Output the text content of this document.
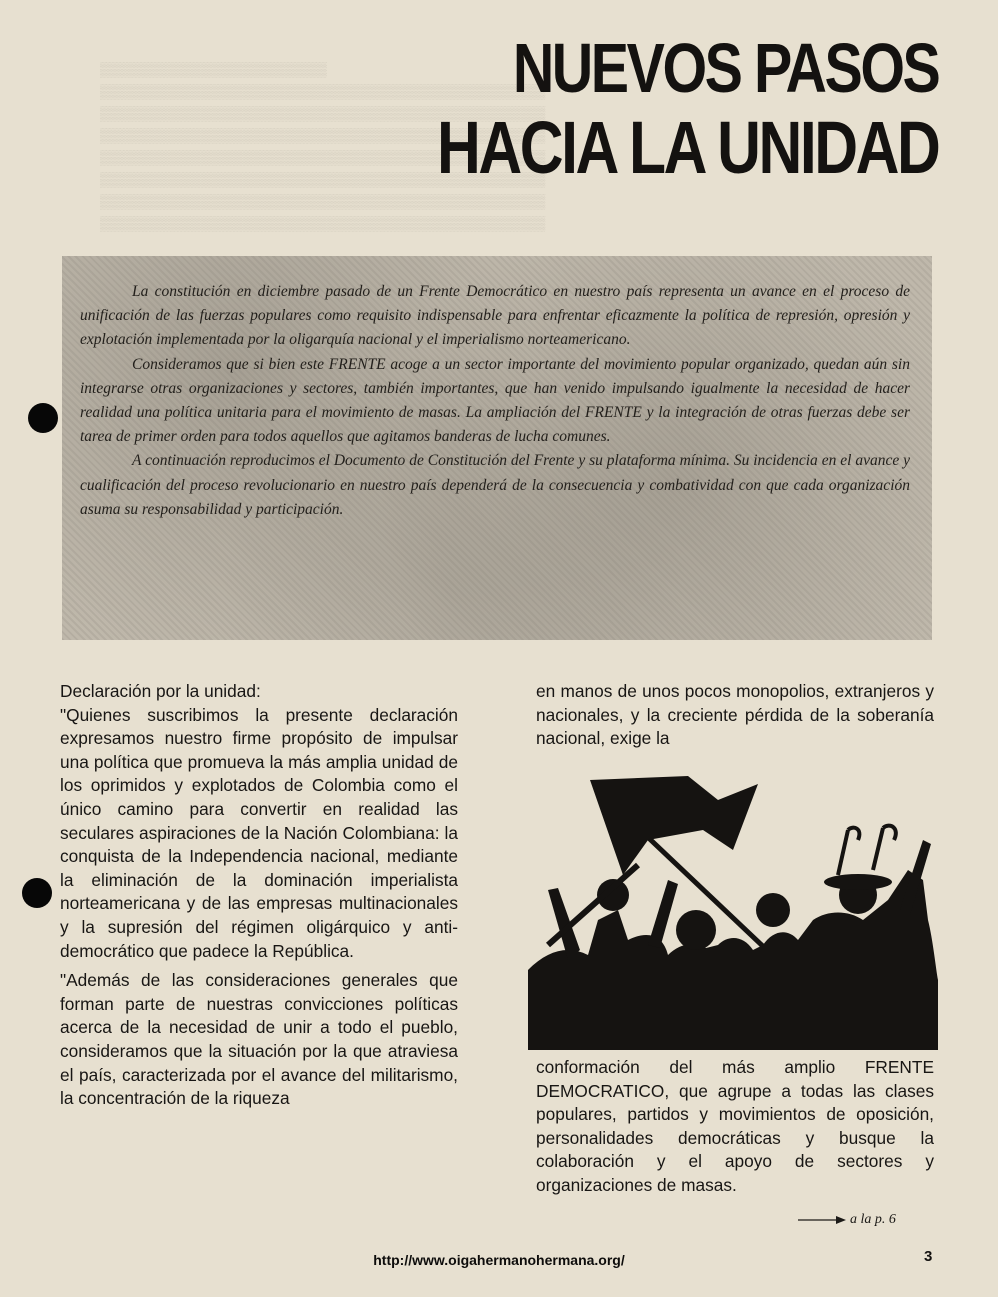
▒▒▒▒▒▒▒▒▒▒▒▒▒▒▒▒▒▒▒▒▒▒▒▒▒▒▒
▒▒▒▒▒▒▒▒▒▒▒▒▒▒▒▒▒▒▒▒▒▒▒▒▒▒▒▒▒▒▒▒▒▒▒▒▒▒▒▒▒▒▒▒▒▒▒▒▒▒▒▒▒
▒▒▒▒▒▒▒▒▒▒▒▒▒▒▒▒▒▒▒▒▒▒▒▒▒▒▒▒▒▒▒▒▒▒▒▒▒▒▒▒▒▒▒▒▒▒▒▒▒▒▒▒▒
▒▒▒▒▒▒▒▒▒▒▒▒▒▒▒▒▒▒▒▒▒▒▒▒▒▒▒▒▒▒▒▒▒▒▒▒▒▒▒▒▒▒▒▒▒▒▒▒▒▒▒▒▒
▒▒▒▒▒▒▒▒▒▒▒▒▒▒▒▒▒▒▒▒▒▒▒▒▒▒▒▒▒▒▒▒▒▒▒▒▒▒▒▒▒▒▒▒▒▒▒▒▒▒▒▒▒
▒▒▒▒▒▒▒▒▒▒▒▒▒▒▒▒▒▒▒▒▒▒▒▒▒▒▒▒▒▒▒▒▒▒▒▒▒▒▒▒▒▒▒▒▒▒▒▒▒▒▒▒▒
▒▒▒▒▒▒▒▒▒▒▒▒▒▒▒▒▒▒▒▒▒▒▒▒▒▒▒▒▒▒▒▒▒▒▒▒▒▒▒▒▒▒▒▒▒▒▒▒▒▒▒▒▒
▒▒▒▒▒▒▒▒▒▒▒▒▒▒▒▒▒▒▒▒▒▒▒▒▒▒▒▒▒▒▒▒▒▒▒▒▒▒▒▒▒▒▒▒▒▒▒▒▒▒▒▒▒
NUEVOS PASOS
HACIA LA UNIDAD

La constitución en diciembre pasado de un Frente Democrático en nuestro país representa un avance en el proceso de unificación de las fuerzas populares como requisito indispensable para enfrentar eficazmente la política de represión, opresión y explotación implementada por la oligarquía nacional y el imperialismo norteamericano.

Consideramos que si bien este FRENTE acoge a un sector importante del movimiento popular organizado, quedan aún sin integrarse otras organizaciones y sectores, también importantes, que han venido impulsando igualmente la necesidad de hacer realidad una política unitaria para el movimiento de masas. La ampliación del FRENTE y la integración de otras fuerzas debe ser tarea de primer orden para todos aquellos que agitamos banderas de lucha comunes.

A continuación reproducimos el Documento de Constitución del Frente y su plataforma mínima. Su incidencia en el avance y cualificación del proceso revolucionario en nuestro país dependerá de la consecuencia y combatividad con que cada organización asuma su responsabilidad y participación.

Declaración por la unidad:

"Quienes suscribimos la presente declaración expresamos nuestro firme propósito de impulsar una política que promueva la más amplia unidad de los oprimidos y explotados de Colombia como el único camino para convertir en realidad las seculares aspiraciones de la Nación Colombiana: la conquista de la Independencia nacional, mediante la eliminación de la dominación imperialista norteamericana y de las empresas multinacionales y la supresión del régimen oligárquico y anti-democrático que padece la República.

"Además de las consideraciones generales que forman parte de nuestras convicciones políticas acerca de la necesidad de unir a todo el pueblo, consideramos que la situación por la que atraviesa el país, caracterizada por el avance del militarismo, la concentración de la riqueza

en manos de unos pocos monopolios, extranjeros y nacionales, y la creciente pérdida de la soberanía nacional, exige la

conformación del más amplio FRENTE DEMOCRATICO, que agrupe a todas las clases populares, partidos y movimientos de oposición, personalidades democráticas y busque la colaboración y el apoyo de sectores y organizaciones de masas.

a la p. 6
http://www.oigahermanohermana.org/	3
